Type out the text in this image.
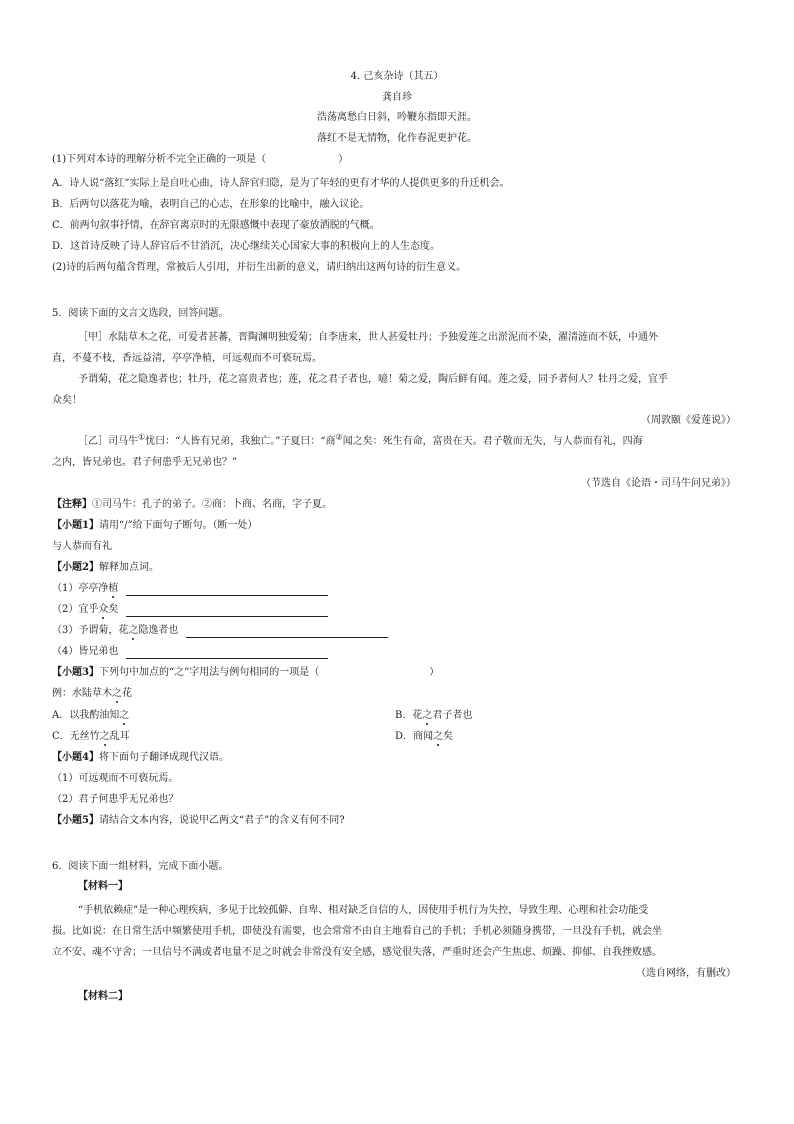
4. 己亥杂诗（其五）
龚自珍
浩荡离愁白日斜，吟鞭东指即天涯。
落红不是无情物，化作春泥更护花。
(1)下列对本诗的理解分析不完全正确的一项是（	）
A．诗人说“落红”实际上是自吐心曲，诗人辞官归隐，是为了年轻的更有才华的人提供更多的升迁机会。
B．后两句以落花为喻，表明自己的心志，在形象的比喻中，融入议论。
C．前两句叙事抒情，在辞官离京时的无限感慨中表现了豪放洒脱的气概。
D．这首诗反映了诗人辞官后不甘消沉，决心继续关心国家大事的积极向上的人生态度。
(2)诗的后两句蕴含哲理，常被后人引用，并衍生出新的意义，请归纳出这两句诗的衍生意义。
5．阅读下面的文言文选段，回答问题。
［甲］水陆草木之花，可爱者甚蕃，晋陶渊明独爱菊；自李唐来，世人甚爱牡丹；予独爱莲之出淤泥而不染，濯清涟而不妖，中通外
直，不蔓不枝，香远益清，亭亭净植，可远观而不可亵玩焉。
予谓菊，花之隐逸者也；牡丹，花之富贵者也；莲，花之君子者也，噫！菊之爱，陶后鲜有闻。莲之爱，同予者何人？牡丹之爱，宜乎
众矣！
（周敦颐《爱莲说》）
［乙］司马牛①忧曰：“人皆有兄弟，我独亡。”子夏曰：“商②闻之矣：死生有命，富贵在天。君子敬而无失，与人恭而有礼，四海
之内，皆兄弟也。君子何患乎无兄弟也？”
（节选自《论语・司马牛问兄弟》）
【注释】①司马牛：孔子的弟子。②商：卜商、名商，字子夏。
【小题1】请用“/”给下面句子断句。（断一处）
与人恭而有礼
【小题2】解释加点词。
（1）亭亭净植
（2）宜乎众矣
（3）予谓菊，花之隐逸者也
（4）皆兄弟也
【小题3】下列句中加点的“之”字用法与例句相同的一项是（	）
例：水陆草木之花
A．以我酌油知之	B．花之君子者也
C．无丝竹之乱耳	D．商闻之矣
【小题4】将下面句子翻译成现代汉语。
（1）可远观而不可亵玩焉。
（2）君子何患乎无兄弟也？
【小题5】请结合文本内容，说说甲乙两文“君子”的含义有何不同?
6．阅读下面一组材料，完成下面小题。
【材料一】
“手机依赖症”是一种心理疾病，多见于比较孤僻、自卑、相对缺乏自信的人，因使用手机行为失控，导致生理、心理和社会功能受
损。比如说：在日常生活中频繁使用手机，即使没有需要，也会常常不由自主地看自己的手机；手机必须随身携带，一旦没有手机，就会坐
立不安、魂不守舍；一旦信号不满或者电量不足之时就会非常没有安全感，感觉很失落，严重时还会产生焦虑、烦躁、抑郁、自我挫败感。
（选自网络，有删改）
【材料二】
